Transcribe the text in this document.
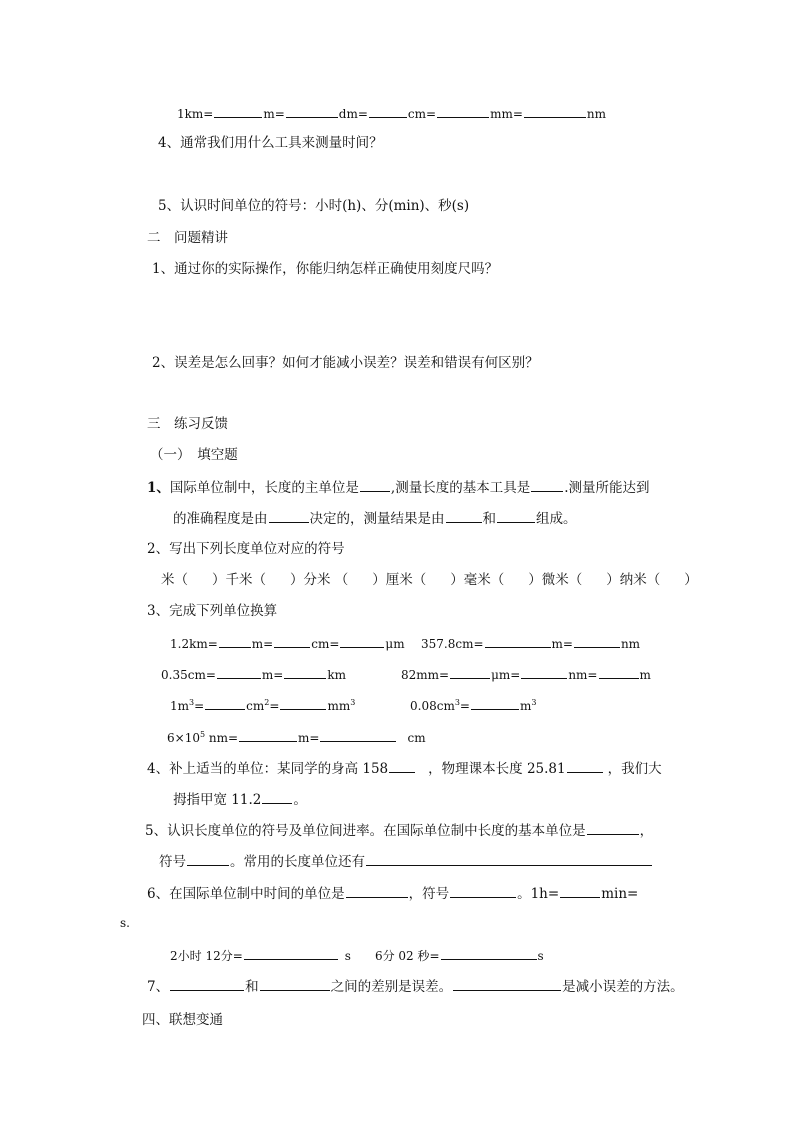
1km=	m=	dm=	cm=	mm=	nm
4、通常我们用什么工具来测量时间？
5、认识时间单位的符号：小时(h)、分(min)、秒(s)
二　问题精讲
1、通过你的实际操作，你能归纳怎样正确使用刻度尺吗？
2、误差是怎么回事？如何才能减小误差？误差和错误有何区别？
三　练习反馈
（一）　填空题
1、国际单位制中，长度的主单位是 ,测量长度的基本工具是	.测量所能达到
的准确程度是由	决定的，测量结果是由	和	组成。
2、写出下列长度单位对应的符号
米（ ）千米（ ）分米 （ ）厘米（ ）毫米（ ）微米（ ）纳米（ ）
3、完成下列单位换算
1.2km=	m=	cm=	μm 357.8cm=	m=	nm
0.35cm=	m=	km	82mm=	μm=	nm=	m
$1m^3=$	$cm^2=$	$mm^3$	$0.08cm^3=$	$m^3$
$6\times 10^5$ nm=	m=	cm
4、补上适当的单位：某同学的身高 158	，物理课本长度 25.81	，我们大
拇指甲宽 11.2 。
5、认识长度单位的符号及单位间进率。在国际单位制中长度的基本单位是	，
符号	。常用的长度单位还有
6、在国际单位制中时间的单位是	，符号	。1h=	min=
s.
2小时 12分=	s 6分 02 秒=	s
7、	和	之间的差别是误差。	是减小误差的方法。
四、联想变通
